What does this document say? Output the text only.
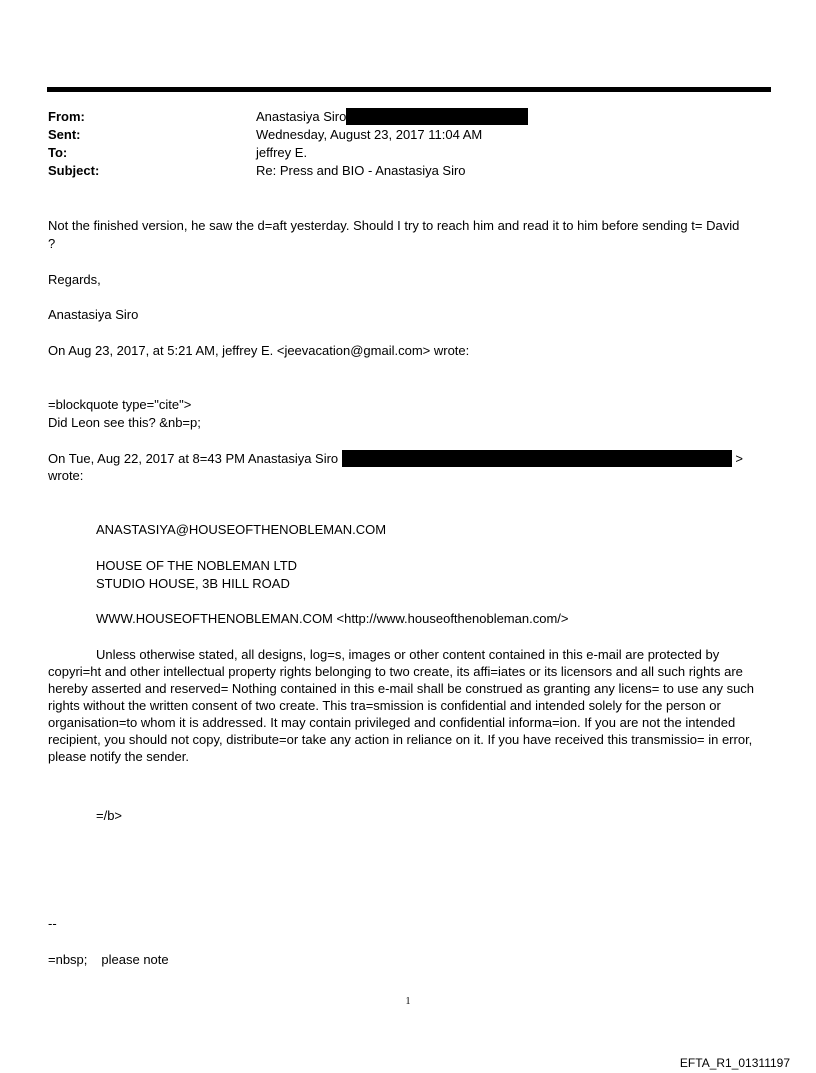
From:	Anastasiya Siro
Sent:	Wednesday, August 23, 2017 11:04 AM
To:	jeffrey E.
Subject:	Re: Press and BIO - Anastasiya Siro

Not the finished version, he saw the d=aft yesterday. Should I try to reach him and read it to him before sending t= David

?

Regards,

Anastasiya Siro

On Aug 23, 2017, at 5:21 AM, jeffrey E. <jeevacation@gmail.com> wrote:

=blockquote type="cite">

Did Leon see this? &nb=p;

On Tue, Aug 22, 2017 at 8=43 PM Anastasiya Siro	>

wrote:

ANASTASIYA@HOUSEOFTHENOBLEMAN.COM

HOUSE OF THE NOBLEMAN LTD

STUDIO HOUSE, 3B HILL ROAD

WWW.HOUSEOFTHENOBLEMAN.COM <http://www.houseofthenobleman.com/>

Unless otherwise stated, all designs, log=s, images or other content contained in this e-mail are protected by copyri=ht and other intellectual property rights belonging to two create, its affi=iates or its licensors and all such rights are hereby asserted and reserved= Nothing contained in this e-mail shall be construed as granting any licens= to use any such rights without the written consent of two create. This tra=smission is confidential and intended solely for the person or organisation=to whom it is addressed. It may contain privileged and confidential informa=ion. If you are not the intended recipient, you should not copy, distribute=or take any action in reliance on it. If you have received this transmissio= in error, please notify the sender.

=/b>

--

=nbsp; please note

1
EFTA_R1_01311197
